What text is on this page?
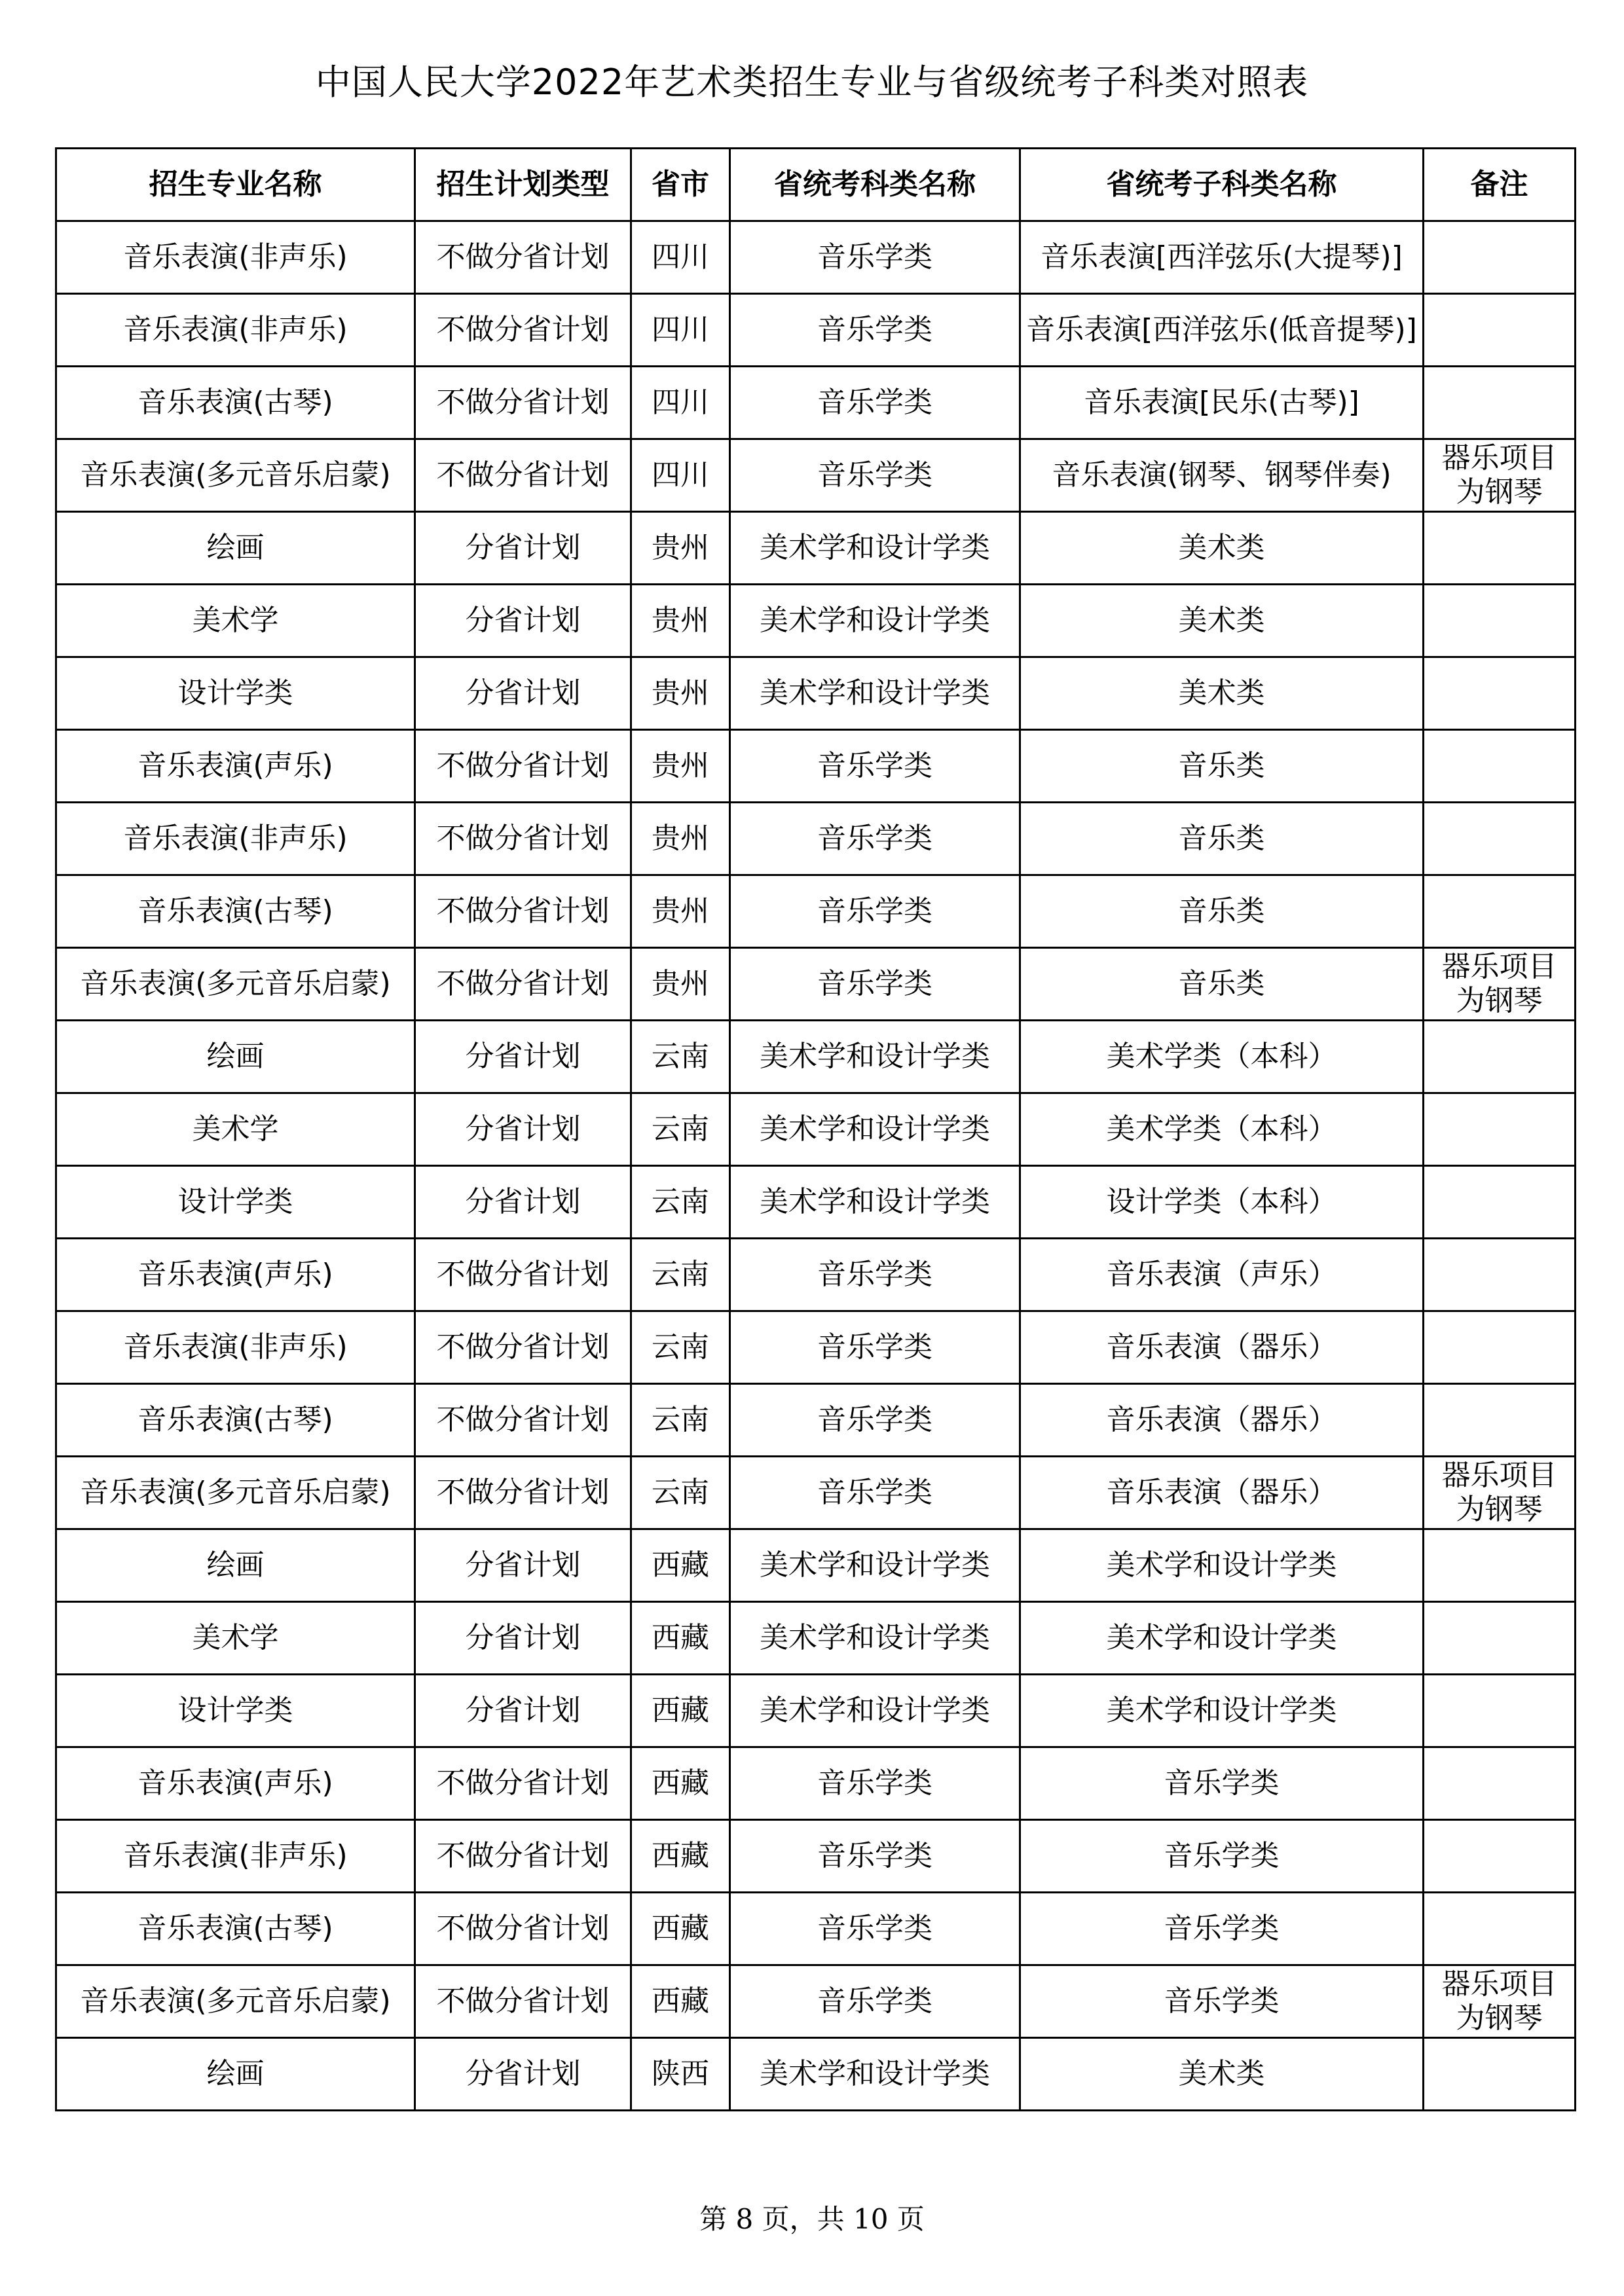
中国人民大学2022年艺术类招生专业与省级统考子科类对照表
招生专业名称	招生计划类型	省市	省统考科类名称	省统考子科类名称	备注
音乐表演(非声乐)	不做分省计划	四川	音乐学类	音乐表演[西洋弦乐(大提琴)]	
音乐表演(非声乐)	不做分省计划	四川	音乐学类	音乐表演[西洋弦乐(低音提琴)]	
音乐表演(古琴)	不做分省计划	四川	音乐学类	音乐表演[民乐(古琴)]	
音乐表演(多元音乐启蒙)	不做分省计划	四川	音乐学类	音乐表演(钢琴、钢琴伴奏)	器乐项目为钢琴
绘画	分省计划	贵州	美术学和设计学类	美术类	
美术学	分省计划	贵州	美术学和设计学类	美术类	
设计学类	分省计划	贵州	美术学和设计学类	美术类	
音乐表演(声乐)	不做分省计划	贵州	音乐学类	音乐类	
音乐表演(非声乐)	不做分省计划	贵州	音乐学类	音乐类	
音乐表演(古琴)	不做分省计划	贵州	音乐学类	音乐类	
音乐表演(多元音乐启蒙)	不做分省计划	贵州	音乐学类	音乐类	器乐项目为钢琴
绘画	分省计划	云南	美术学和设计学类	美术学类（本科）	
美术学	分省计划	云南	美术学和设计学类	美术学类（本科）	
设计学类	分省计划	云南	美术学和设计学类	设计学类（本科）	
音乐表演(声乐)	不做分省计划	云南	音乐学类	音乐表演（声乐）	
音乐表演(非声乐)	不做分省计划	云南	音乐学类	音乐表演（器乐）	
音乐表演(古琴)	不做分省计划	云南	音乐学类	音乐表演（器乐）	
音乐表演(多元音乐启蒙)	不做分省计划	云南	音乐学类	音乐表演（器乐）	器乐项目为钢琴
绘画	分省计划	西藏	美术学和设计学类	美术学和设计学类	
美术学	分省计划	西藏	美术学和设计学类	美术学和设计学类	
设计学类	分省计划	西藏	美术学和设计学类	美术学和设计学类	
音乐表演(声乐)	不做分省计划	西藏	音乐学类	音乐学类	
音乐表演(非声乐)	不做分省计划	西藏	音乐学类	音乐学类	
音乐表演(古琴)	不做分省计划	西藏	音乐学类	音乐学类	
音乐表演(多元音乐启蒙)	不做分省计划	西藏	音乐学类	音乐学类	器乐项目为钢琴
绘画	分省计划	陕西	美术学和设计学类	美术类	
第 8 页，共 10 页
